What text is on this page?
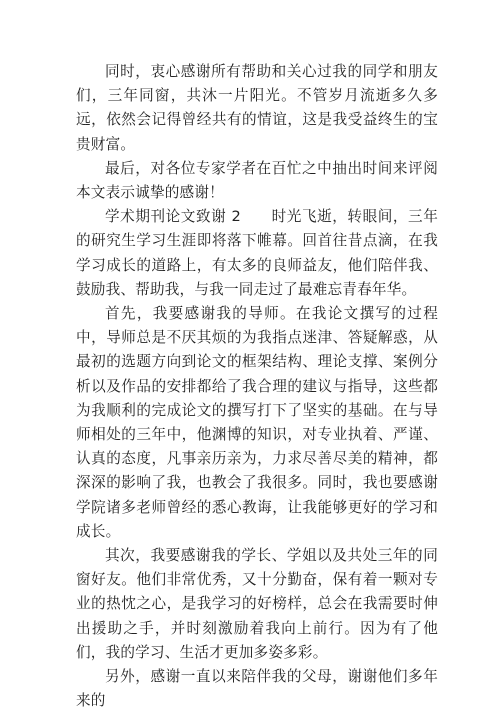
同时，衷心感谢所有帮助和关心过我的同学和朋友们，三年同窗，共沐一片阳光。不管岁月流逝多久多远，依然会记得曾经共有的情谊，这是我受益终生的宝贵财富。

最后，对各位专家学者在百忙之中抽出时间来评阅本文表示诚挚的感谢！

学术期刊论文致谢 2　　时光飞逝，转眼间，三年的研究生学习生涯即将落下帷幕。回首往昔点滴，在我学习成长的道路上，有太多的良师益友，他们陪伴我、鼓励我、帮助我，与我一同走过了最难忘青春年华。

首先，我要感谢我的导师。在我论文撰写的过程中，导师总是不厌其烦的为我指点迷津、答疑解惑，从最初的选题方向到论文的框架结构、理论支撑、案例分析以及作品的安排都给了我合理的建议与指导，这些都为我顺利的完成论文的撰写打下了坚实的基础。在与导师相处的三年中，他渊博的知识，对专业执着、严谨、认真的态度，凡事亲历亲为，力求尽善尽美的精神，都深深的影响了我，也教会了我很多。同时，我也要感谢学院诸多老师曾经的悉心教诲，让我能够更好的学习和成长。

其次，我要感谢我的学长、学姐以及共处三年的同窗好友。他们非常优秀，又十分勤奋，保有着一颗对专业的热忱之心，是我学习的好榜样，总会在我需要时伸出援助之手，并时刻激励着我向上前行。因为有了他们，我的学习、生活才更加多姿多彩。

另外，感谢一直以来陪伴我的父母，谢谢他们多年来的
